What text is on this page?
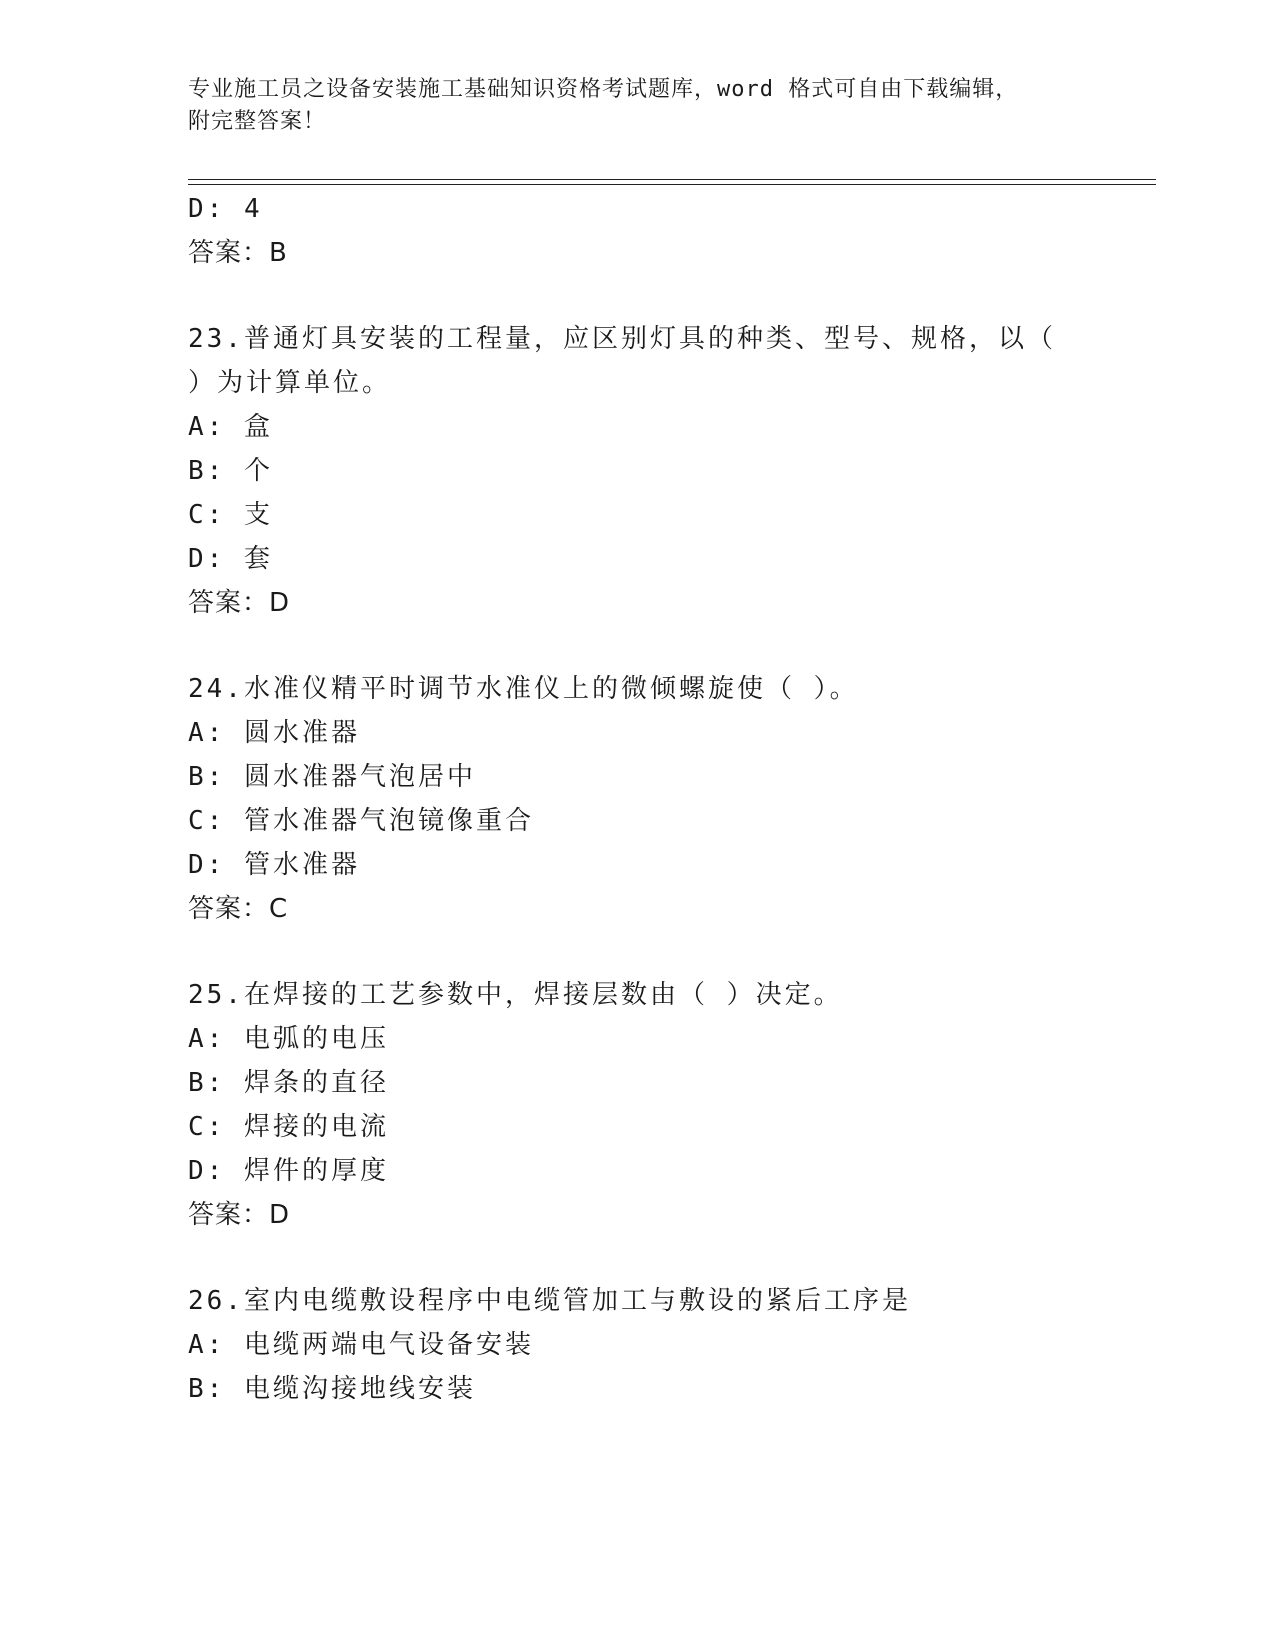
专业施工员之设备安装施工基础知识资格考试题库，word 格式可自由下载编辑，
附完整答案！
D: 4
答案：B
23.普通灯具安装的工程量，应区别灯具的种类、型号、规格，以（
）为计算单位。
A: 盒
B: 个
C: 支
D: 套
答案：D
24.水准仪精平时调节水准仪上的微倾螺旋使（ ）。
A: 圆水准器
B: 圆水准器气泡居中
C: 管水准器气泡镜像重合
D: 管水准器
答案：C
25.在焊接的工艺参数中，焊接层数由（ ）决定。
A: 电弧的电压
B: 焊条的直径
C: 焊接的电流
D: 焊件的厚度
答案：D
26.室内电缆敷设程序中电缆管加工与敷设的紧后工序是
A: 电缆两端电气设备安装
B: 电缆沟接地线安装
